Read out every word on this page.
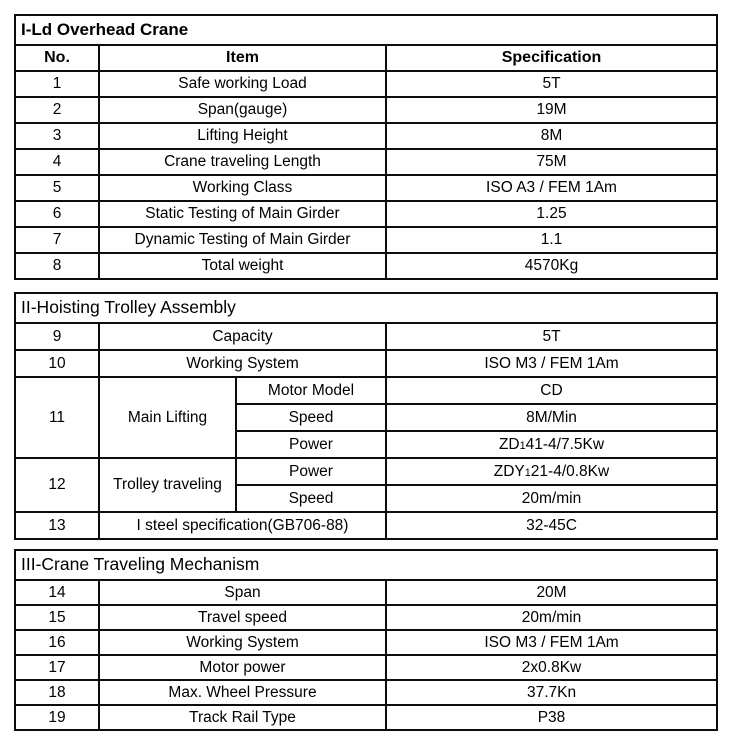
I-Ld Overhead Crane		
No.	Item	Specification
1	Safe working Load	5T
2	Span(gauge)	19M
3	Lifting Height	8M
4	Crane traveling Length	75M
5	Working Class	ISO A3 / FEM 1Am
6	Static Testing of Main Girder	1.25
7	Dynamic Testing of Main Girder	1.1
8	Total weight	4570Kg
II-Hoisting Trolley Assembly			
9	Capacity		5T
10	Working System		ISO M3 / FEM 1Am
11	Main Lifting	Motor Model	CD
		Speed	8M/Min
		Power	ZD141-4/7.5Kw
12	Trolley traveling	Power	ZDY121-4/0.8Kw
		Speed	20m/min
13	I steel specification(GB706-88)		32-45C
III-Crane Traveling Mechanism		
14	Span	20M
15	Travel speed	20m/min
16	Working System	ISO M3 / FEM 1Am
17	Motor power	2x0.8Kw
18	Max. Wheel Pressure	37.7Kn
19	Track Rail Type	P38
